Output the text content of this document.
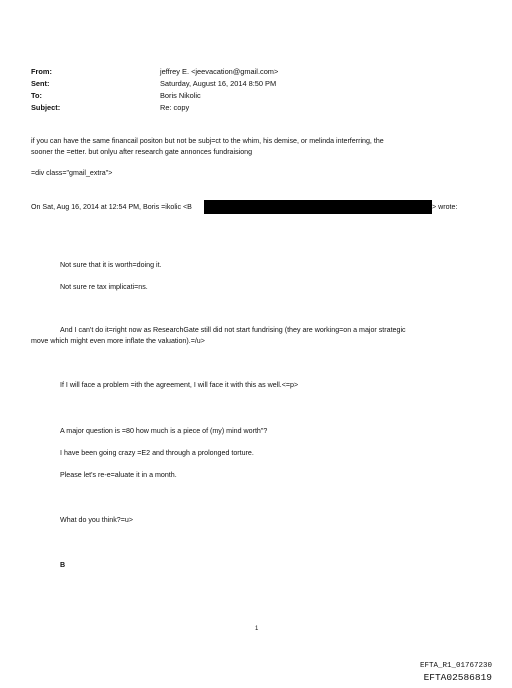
From:	jeffrey E. <jeevacation@gmail.com>
Sent:	Saturday, August 16, 2014 8:50 PM
To:	Boris Nikolic
Subject:	Re: copy
if you can have the same financail positon but not be subj=ct to the whim, his demise, or melinda interferring, the
sooner the =etter. but onlyu after research gate annonces fundraisiong
=div class="gmail_extra">
On Sat, Aug 16, 2014 at 12:54 PM, Boris =ikolic <B	> wrote:
Not sure that it is worth=doing it.
Not sure re tax implicati=ns.
And I can't do it=right now as ResearchGate still did not start fundrising (they are working=on a major strategic
move which might even more inflate the valuation).=/u>
If I will face a problem =ith the agreement, I will face it with this as well.<=p>
A major question is =80 how much is a piece of (my) mind worth"?
I have been going crazy =E2 and through a prolonged torture.
Please let's re-e=aluate it in a month.
What do you think?=u>
B
1
EFTA_R1_01767230
EFTA02586819
